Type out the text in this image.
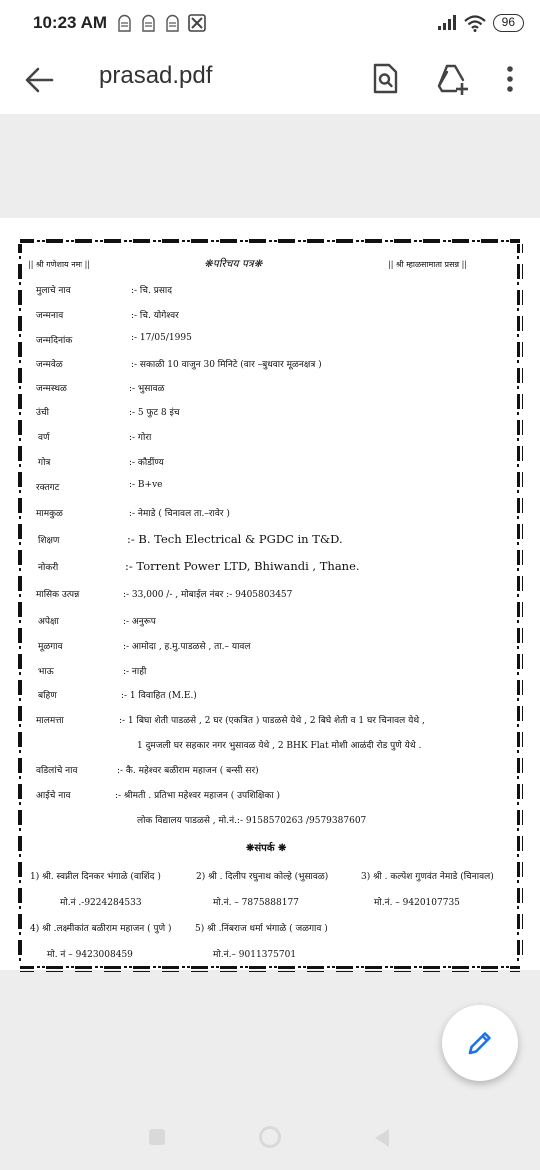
10:23 AM	96
prasad.pdf
|| श्री गणेशाय नमः ||	❋परिचय पत्र❋	|| श्री म्हाळसामाता प्रसन्न ||
मुलाचे नाव	:- चि. प्रसाद
जन्मनाव	:- चि. योगेश्वर
जन्मदिनांक	:- 17/05/1995
जन्मवेळ	:- सकाळी 10 वाजुन 30 मिनिटे (वार –बुधवार मूळनक्षत्र )
जन्मस्थळ	:- भुसावळ
उंची	:- 5 फुट 8 इंच
वर्ण	:- गोरा
गोत्र	:- कौडींण्य
रक्तगट	:- B+ve
मामकुळ	:- नेमाडे ( चिनावल ता.–रावेर )
शिक्षण	:- B. Tech Electrical & PGDC in T&D.
नोकरी	:- Torrent Power LTD, Bhiwandi , Thane.
मासिक उत्पन्न	:- 33,000 /- , मोबाईल नंबर :- 9405803457
अपेक्षा	:- अनुरूप
मूळगाव	:- आमोदा , ह.मु.पाडळसे , ता.– यावल
भाऊ	:- नाही
बहिण	:- 1 विवाहित (M.E.)
मालमत्ता	:- 1 बिघा शेती पाडळसे , 2 घर (एकत्रित ) पाडळसे येथे , 2 बिघे शेती व 1 घर चिनावल येथे ,
1 दुमजली घर सहकार नगर भुसावळ येथे , 2 BHK Flat मोशी आळंदी रोड पुणे येथे .
वडिलांचे नाव	:- कै. महेश्वर बळीराम महाजन ( बन्सी सर)
आईचे नाव	:- श्रीमती . प्रतिभा महेश्वर महाजन ( उपशिक्षिका )
लोक विद्यालय पाडळसे , मो.नं.:- 9158570263 /9579387607
❋संपर्क ❋
1) श्री. स्वप्नील दिनकर भंगाळे (वाशिंद )	2) श्री . दिलीप रघुनाथ कोल्हे (भुसावळ)	3) श्री . कल्पेश गुणवंत नेमाडे (चिनावल)
मो.नं .-9224284533	मो.नं. – 7875888177	मो.नं. – 9420107735
4) श्री .लक्ष्मीकांत बळीराम महाजन ( पुणे )	5) श्री .निंबराज धर्मा भंगाळे ( जळगाव )
मो. नं – 9423008459	मो.नं.– 9011375701
